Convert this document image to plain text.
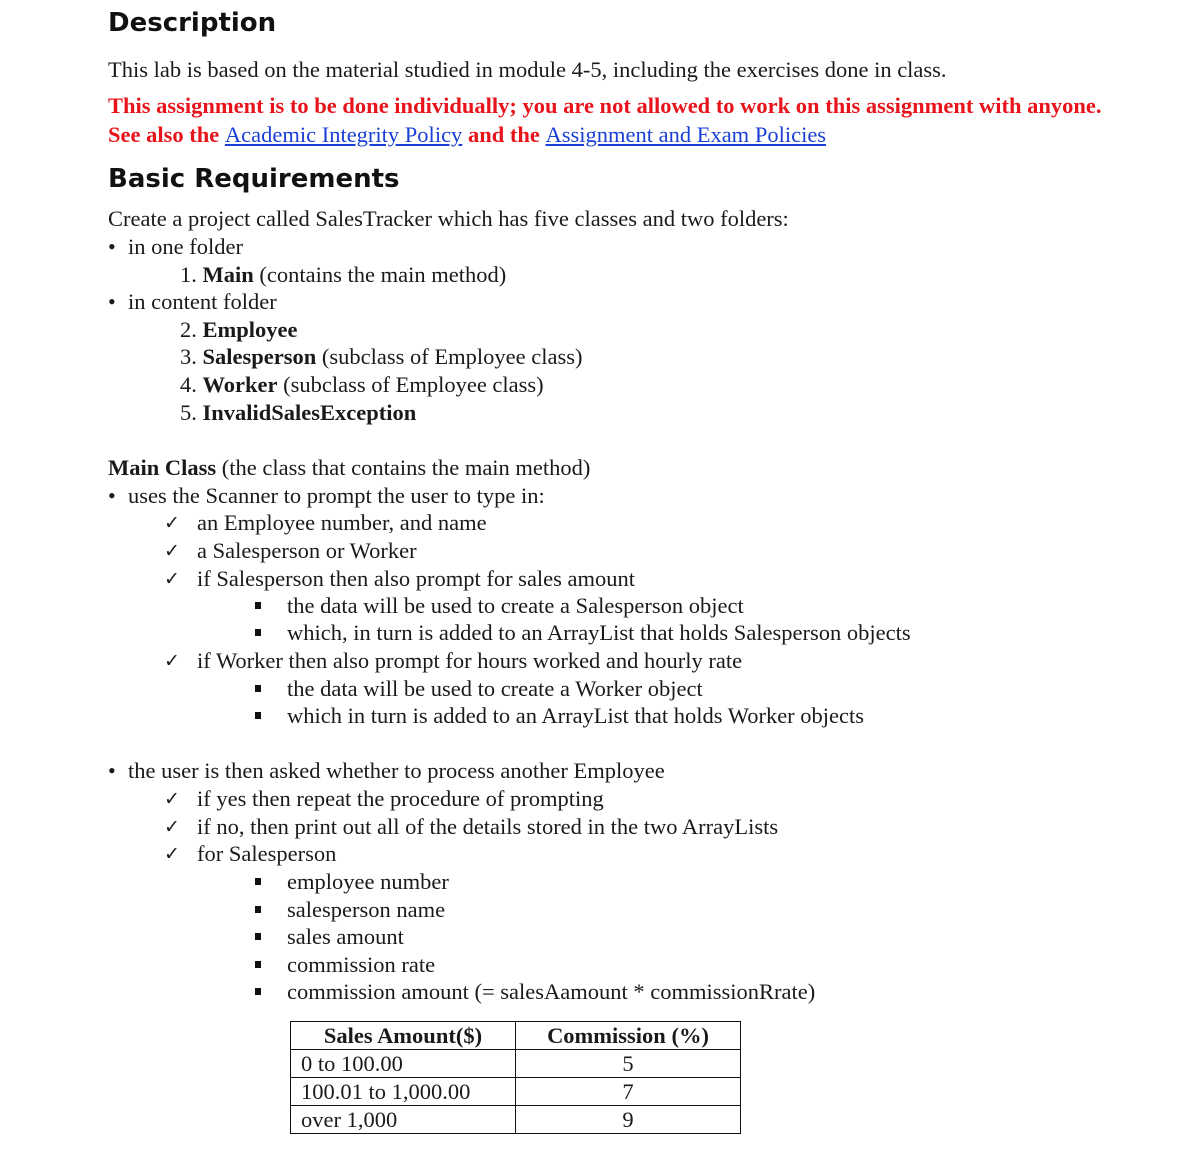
Description
This lab is based on the material studied in module 4-5, including the exercises done in class.
This assignment is to be done individually; you are not allowed to work on this assignment with anyone.
See also the Academic Integrity Policy and the Assignment and Exam Policies
Basic Requirements
Create a project called SalesTracker which has five classes and two folders:
• in one folder
1. Main (contains the main method)
• in content folder
2. Employee
3. Salesperson (subclass of Employee class)
4. Worker (subclass of Employee class)
5. InvalidSalesException
Main Class (the class that contains the main method)
• uses the Scanner to prompt the user to type in:
✓ an Employee number, and name
✓ a Salesperson or Worker
✓ if Salesperson then also prompt for sales amount
the data will be used to create a Salesperson object
which, in turn is added to an ArrayList that holds Salesperson objects
✓ if Worker then also prompt for hours worked and hourly rate
the data will be used to create a Worker object
which in turn is added to an ArrayList that holds Worker objects
• the user is then asked whether to process another Employee
✓ if yes then repeat the procedure of prompting
✓ if no, then print out all of the details stored in the two ArrayLists
✓ for Salesperson
employee number
salesperson name
sales amount
commission rate
commission amount (= salesAamount * commissionRrate)
Sales Amount($)	Commission (%)
0 to 100.00	5
100.01 to 1,000.00	7
over 1,000	9
